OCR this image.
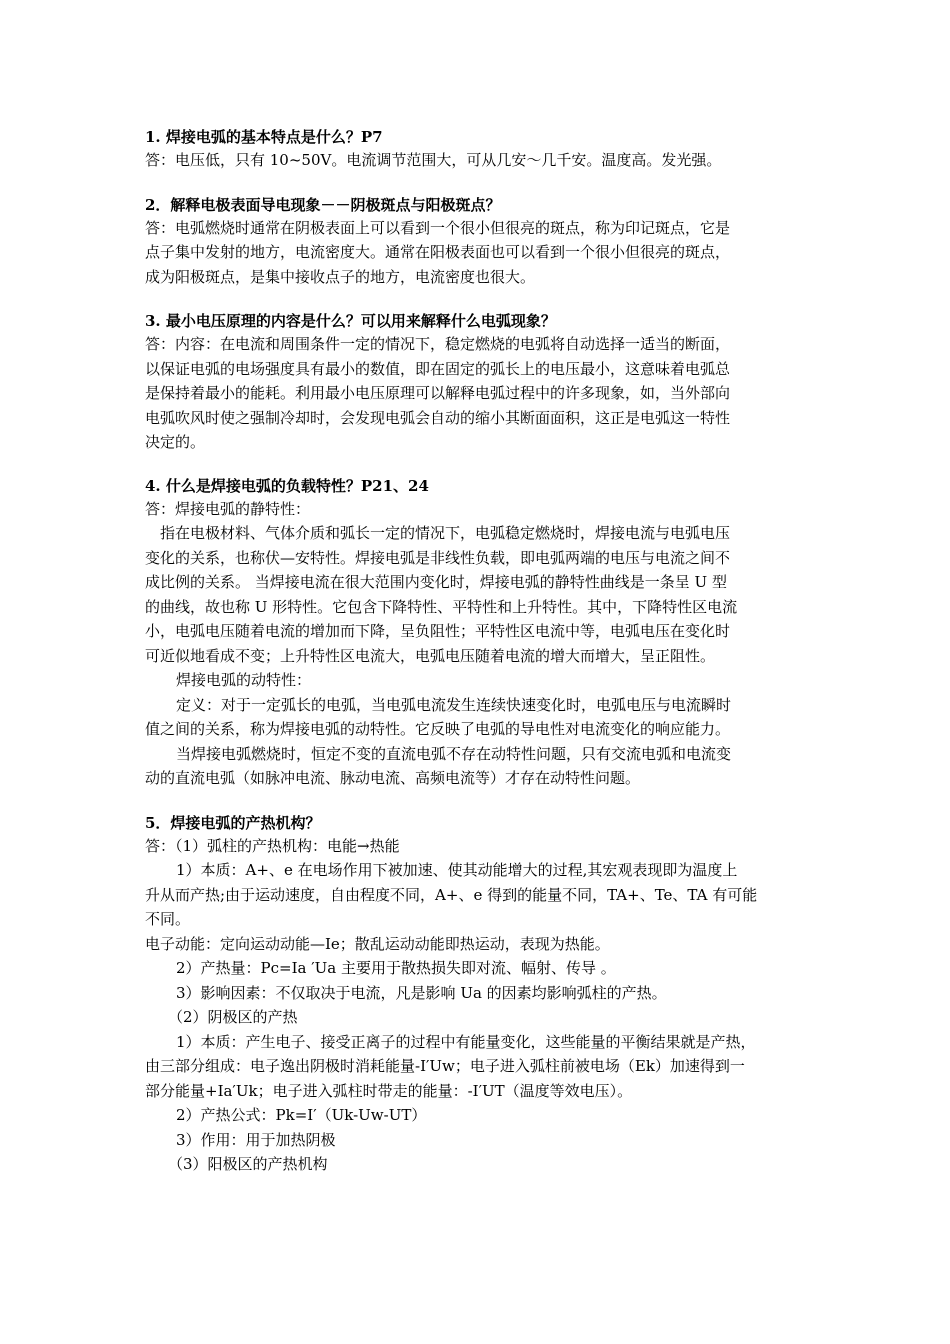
1. 焊接电弧的基本特点是什么？P7

答：电压低，只有 10~50V。电流调节范围大，可从几安～几千安。温度高。发光强。

2．解释电极表面导电现象－－阴极斑点与阳极斑点？

答：电弧燃烧时通常在阴极表面上可以看到一个很小但很亮的斑点，称为印记斑点，它是

点子集中发射的地方，电流密度大。通常在阳极表面也可以看到一个很小但很亮的斑点，

成为阳极斑点，是集中接收点子的地方，电流密度也很大。

3. 最小电压原理的内容是什么？可以用来解释什么电弧现象？

答：内容：在电流和周围条件一定的情况下，稳定燃烧的电弧将自动选择一适当的断面，

以保证电弧的电场强度具有最小的数值，即在固定的弧长上的电压最小，这意味着电弧总

是保持着最小的能耗。利用最小电压原理可以解释电弧过程中的许多现象，如，当外部向

电弧吹风时使之强制冷却时，会发现电弧会自动的缩小其断面面积，这正是电弧这一特性

决定的。

4. 什么是焊接电弧的负载特性？P21、24

答：焊接电弧的静特性：

指在电极材料、气体介质和弧长一定的情况下，电弧稳定燃烧时，焊接电流与电弧电压

变化的关系，也称伏—安特性。焊接电弧是非线性负载，即电弧两端的电压与电流之间不

成比例的关系。 当焊接电流在很大范围内变化时，焊接电弧的静特性曲线是一条呈 U 型

的曲线，故也称 U 形特性。它包含下降特性、平特性和上升特性。其中，下降特性区电流

小，电弧电压随着电流的增加而下降，呈负阻性；平特性区电流中等，电弧电压在变化时

可近似地看成不变；上升特性区电流大，电弧电压随着电流的增大而增大，呈正阻性。

焊接电弧的动特性：

定义：对于一定弧长的电弧，当电弧电流发生连续快速变化时，电弧电压与电流瞬时

值之间的关系，称为焊接电弧的动特性。它反映了电弧的导电性对电流变化的响应能力。

当焊接电弧燃烧时，恒定不变的直流电弧不存在动特性问题，只有交流电弧和电流变

动的直流电弧（如脉冲电流、脉动电流、高频电流等）才存在动特性问题。

5．焊接电弧的产热机构？

答：（1）弧柱的产热机构：电能→热能

1）本质：A+、e 在电场作用下被加速、使其动能增大的过程,其宏观表现即为温度上

升从而产热;由于运动速度，自由程度不同，A+、e 得到的能量不同，TA+、Te、TA 有可能

不同。

电子动能：定向运动动能—Ie；散乱运动动能即热运动，表现为热能。

2）产热量：Pc=Ia ′Ua 主要用于散热损失即对流、幅射、传导 。

3）影响因素：不仅取决于电流，凡是影响 Ua 的因素均影响弧柱的产热。

（2）阴极区的产热

1）本质：产生电子、接受正离子的过程中有能量变化，这些能量的平衡结果就是产热，

由三部分组成：电子逸出阴极时消耗能量-I′Uw；电子进入弧柱前被电场（Ek）加速得到一

部分能量+Ia′Uk；电子进入弧柱时带走的能量：-I′UT（温度等效电压）。

2）产热公式：Pk=I′（Uk-Uw-UT）

3）作用：用于加热阴极

（3）阳极区的产热机构
